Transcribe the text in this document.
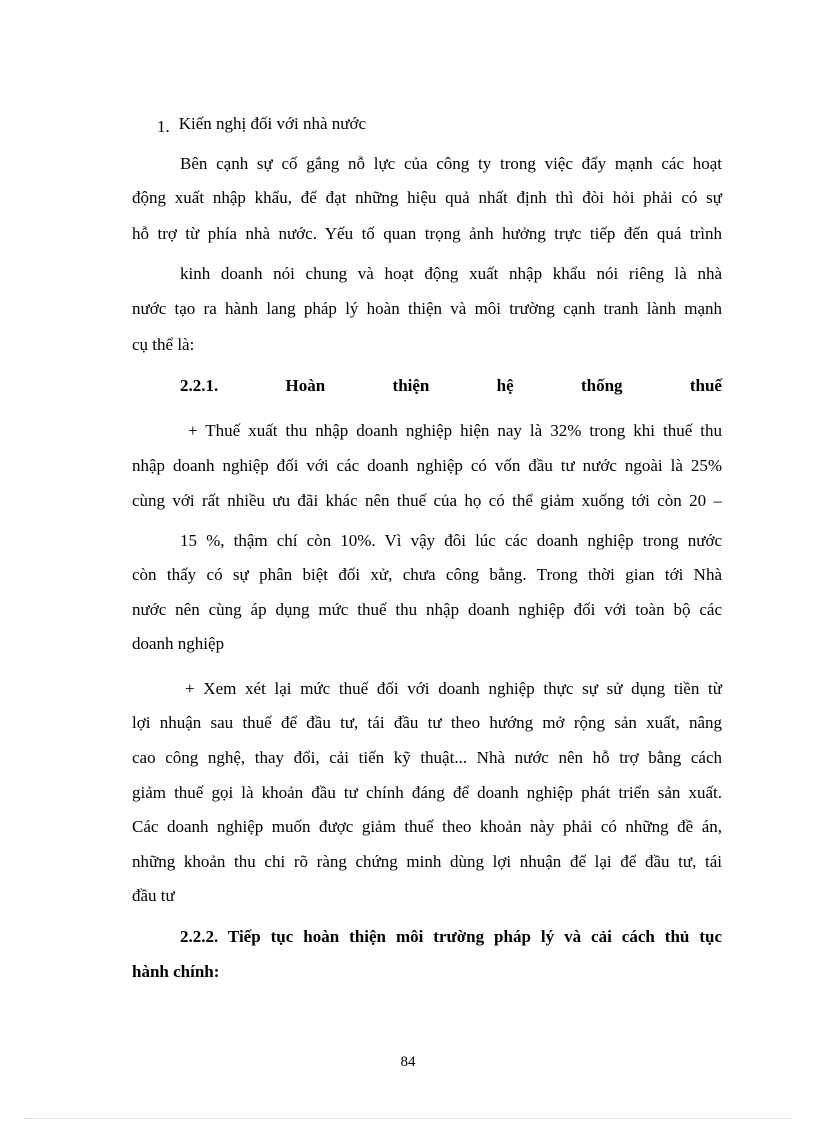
1. Kiến nghị đối với nhà nước
Bên cạnh sự cố gắng nỗ lực của công ty trong việc đẩy mạnh các hoạt
động xuất nhập khẩu, để đạt những hiệu quả nhất định thì đòi hỏi phải có sự
hỗ trợ từ phía nhà nước. Yếu tố quan trọng ảnh hưởng trực tiếp đến quá trình
kinh doanh nói chung và hoạt động xuất nhập khẩu nói riêng là nhà
nước tạo ra hành lang pháp lý hoàn thiện và môi trường cạnh tranh lành mạnh
cụ thể là:
2.2.1.	Hoàn	thiện	hệ	thống	thuế
+ Thuế xuất thu nhập doanh nghiệp hiện nay là 32% trong khi thuế thu
nhập doanh nghiệp đối với các doanh nghiệp có vốn đầu tư nước ngoài là 25%
cùng với rất nhiều ưu đãi khác nên thuế của họ có thể giảm xuống tới còn 20 –
15 %, thậm chí còn 10%. Vì vậy đôi lúc các doanh nghiệp trong nước
còn thấy có sự phân biệt đối xử, chưa công bằng. Trong thời gian tới Nhà
nước nên cùng áp dụng mức thuế thu nhập doanh nghiệp đối với toàn bộ các
doanh nghiệp
+ Xem xét lại mức thuế đối với doanh nghiệp thực sự sử dụng tiền từ
lợi nhuận sau thuế để đầu tư, tái đầu tư theo hướng mở rộng sản xuất, nâng
cao công nghệ, thay đổi, cải tiến kỹ thuật... Nhà nước nên hỗ trợ bằng cách
giảm thuế gọi là khoản đầu tư chính đáng để doanh nghiệp phát triển sản xuất.
Các doanh nghiệp muốn được giảm thuế theo khoản này phải có những đề án,
những khoản thu chi rõ ràng chứng minh dùng lợi nhuận để lại để đầu tư, tái
đầu tư
2.2.2. Tiếp tục hoàn thiện môi trường pháp lý và cải cách thủ tục
hành chính:
84
